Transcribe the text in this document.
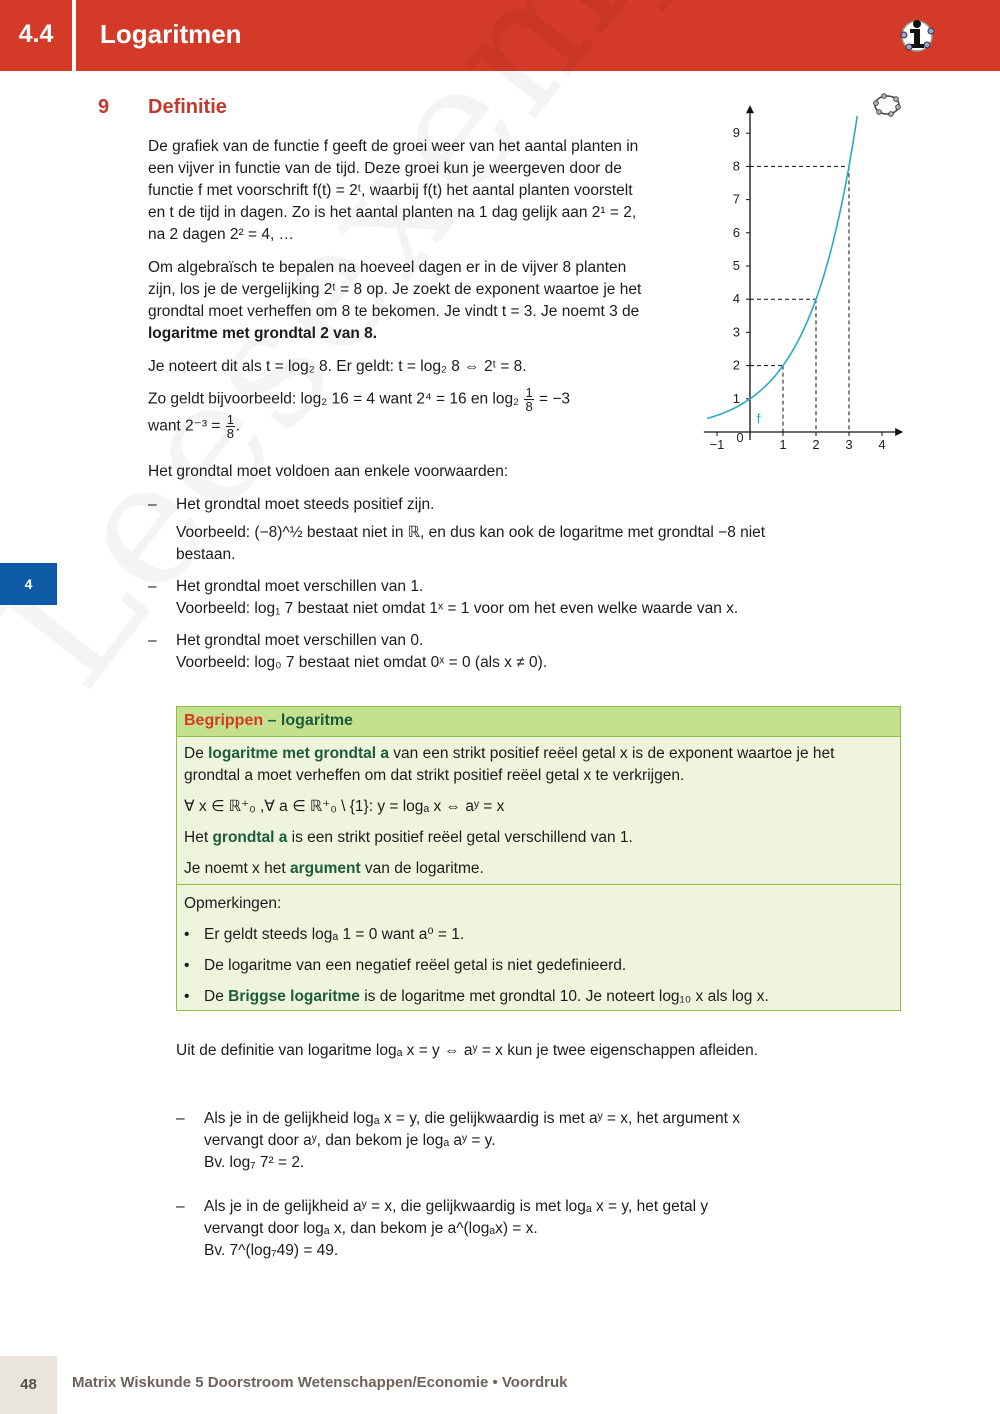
4.4	Logaritmen
4
9 Definitie
De grafiek van de functie f geeft de groei weer van het aantal planten in een vijver in functie van de tijd. Deze groei kun je weergeven door de functie f met voorschrift f(t) = 2ᵗ, waarbij f(t) het aantal planten voorstelt en t de tijd in dagen. Zo is het aantal planten na 1 dag gelijk aan 2¹ = 2, na 2 dagen 2² = 4, …
Om algebraïsch te bepalen na hoeveel dagen er in de vijver 8 planten zijn, los je de vergelijking 2ᵗ = 8 op. Je zoekt de exponent waartoe je het grondtal moet verheffen om 8 te bekomen. Je vindt t = 3. Je noemt 3 de logaritme met grondtal 2 van 8.
Je noteert dit als t = log₂ 8. Er geldt: t = log₂ 8 ⇔ 2ᵗ = 8.
Zo geldt bijvoorbeeld: log₂ 16 = 4 want 2⁴ = 16 en $\log_2 \frac{1}{8} = -3$
want $2^{-3} = \frac{1}{8}$ .
Het grondtal moet voldoen aan enkele voorwaarden:
– Het grondtal moet steeds positief zijn.
Voorbeeld: (−8)^½ bestaat niet in ℝ, en dus kan ook de logaritme met grondtal −8 niet bestaan.
– Het grondtal moet verschillen van 1.
Voorbeeld: log₁ 7 bestaat niet omdat 1ˣ = 1 voor om het even welke waarde van x.
– Het grondtal moet verschillen van 0.
Voorbeeld: log₀ 7 bestaat niet omdat 0ˣ = 0 (als x ≠ 0).
Begrippen – logaritme
De logaritme met grondtal a van een strikt positief reëel getal x is de exponent waartoe je het grondtal a moet verheffen om dat strikt positief reëel getal x te verkrijgen.
∀ x ∈ ℝ⁺₀ ,∀ a ∈ ℝ⁺₀ \ {1}: y = logₐ x ⇔ aʸ = x
Het grondtal a is een strikt positief reëel getal verschillend van 1.
Je noemt x het argument van de logaritme.
Opmerkingen:
• Er geldt steeds logₐ 1 = 0 want a⁰ = 1.
• De logaritme van een negatief reëel getal is niet gedefinieerd.
• De Briggse logaritme is de logaritme met grondtal 10. Je noteert log₁₀ x als log x.
Uit de definitie van logaritme logₐ x = y ⇔ aʸ = x kun je twee eigenschappen afleiden.
– Als je in de gelijkheid logₐ x = y, die gelijkwaardig is met aʸ = x, het argument x vervangt door aʸ, dan bekom je logₐ aʸ = y.
Bv. log₇ 7² = 2.
– Als je in de gelijkheid aʸ = x, die gelijkwaardig is met logₐ x = y, het getal y vervangt door logₐ x, dan bekom je a^(logₐx) = x.
Bv. 7^(log₇49) = 49.
1
2
3
4
5
6
7
8
9
−1 0	1 2 3 4
f
48	Matrix Wiskunde 5 Doorstroom Wetenschappen/Economie • Voordruk
